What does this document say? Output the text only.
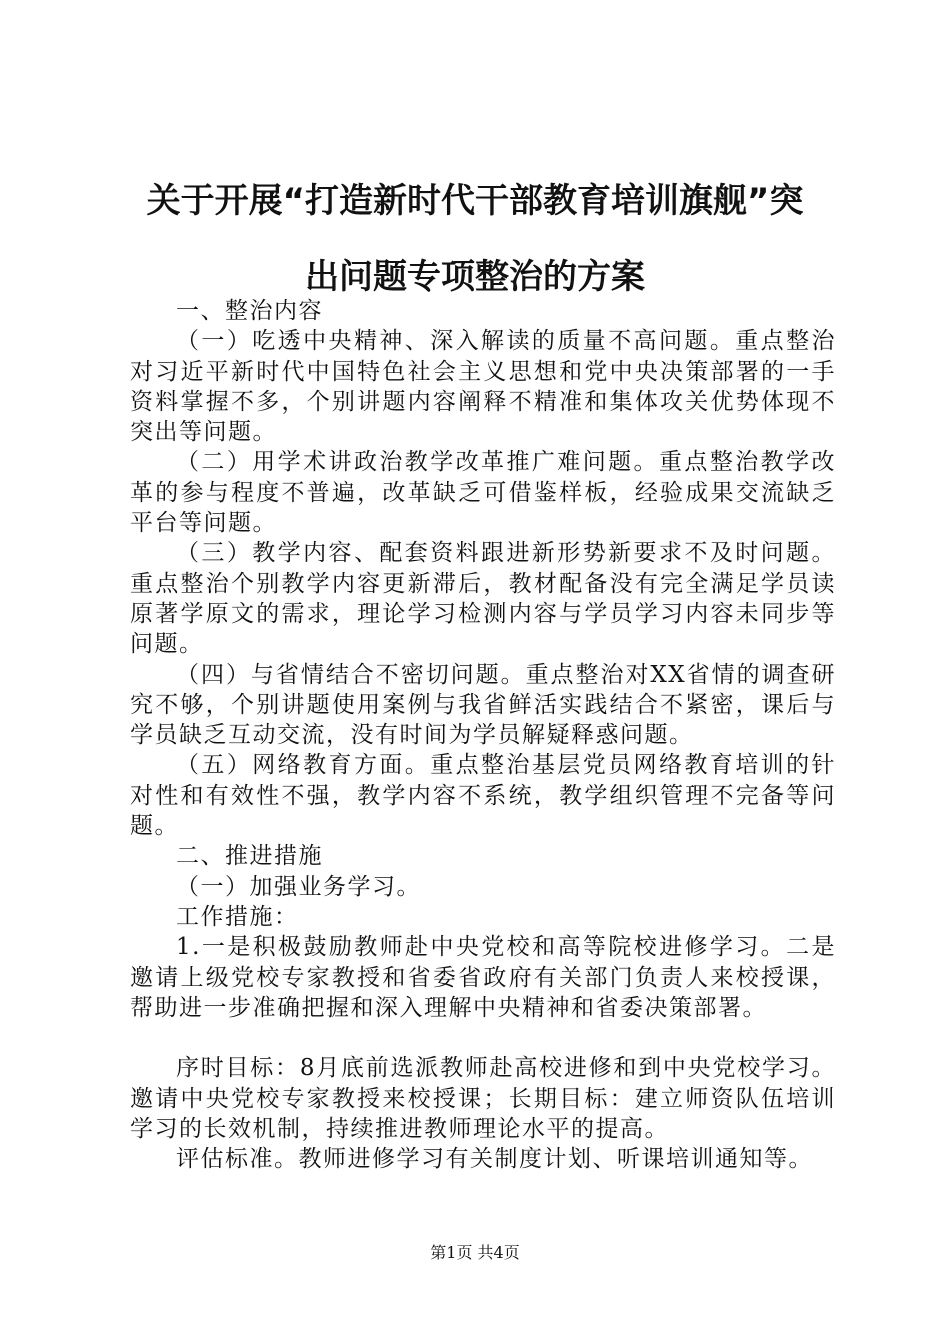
关于开展“打造新时代干部教育培训旗舰”突
出问题专项整治的方案

一、整治内容

（一）吃透中央精神、深入解读的质量不高问题。重点整治对习近平新时代中国特色社会主义思想和党中央决策部署的一手资料掌握不多，个别讲题内容阐释不精准和集体攻关优势体现不突出等问题。

（二）用学术讲政治教学改革推广难问题。重点整治教学改革的参与程度不普遍，改革缺乏可借鉴样板，经验成果交流缺乏平台等问题。

（三）教学内容、配套资料跟进新形势新要求不及时问题。重点整治个别教学内容更新滞后，教材配备没有完全满足学员读原著学原文的需求，理论学习检测内容与学员学习内容未同步等问题。

（四）与省情结合不密切问题。重点整治对XX省情的调查研究不够，个别讲题使用案例与我省鲜活实践结合不紧密，课后与学员缺乏互动交流，没有时间为学员解疑释惑问题。

（五）网络教育方面。重点整治基层党员网络教育培训的针对性和有效性不强，教学内容不系统，教学组织管理不完备等问题。

二、推进措施

（一）加强业务学习。

工作措施：

1.一是积极鼓励教师赴中央党校和高等院校进修学习。二是邀请上级党校专家教授和省委省政府有关部门负责人来校授课，帮助进一步准确把握和深入理解中央精神和省委决策部署。

序时目标：8月底前选派教师赴高校进修和到中央党校学习。邀请中央党校专家教授来校授课；长期目标：建立师资队伍培训学习的长效机制，持续推进教师理论水平的提高。

评估标准。教师进修学习有关制度计划、听课培训通知等。

第1页 共4页
